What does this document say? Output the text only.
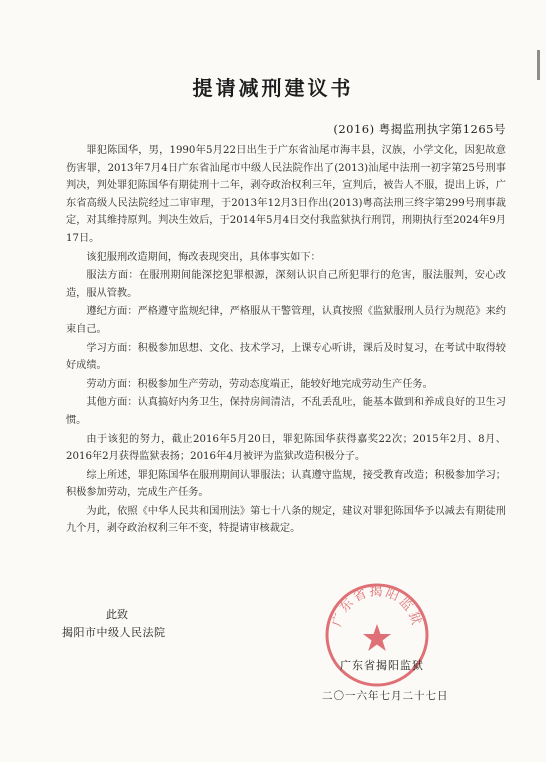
提请减刑建议书
(2016) 粤揭监刑执字第1265号

罪犯陈国华，男，1990年5月22日出生于广东省汕尾市海丰县，汉族，小学文化，因犯故意伤害罪，2013年7月4日广东省汕尾市中级人民法院作出了(2013)汕尾中法刑一初字第25号刑事判决，判处罪犯陈国华有期徒刑十二年，剥夺政治权利三年，宣判后，被告人不服，提出上诉，广东省高级人民法院经过二审审理，于2013年12月3日作出(2013)粤高法刑三终字第299号刑事裁定，对其维持原判。判决生效后，于2014年5月4日交付我监狱执行刑罚，刑期执行至2024年9月17日。

该犯服刑改造期间，悔改表现突出，具体事实如下：

服法方面：在服刑期间能深挖犯罪根源，深刻认识自己所犯罪行的危害，服法服判，安心改造，服从管教。

遵纪方面：严格遵守监规纪律，严格服从干警管理，认真按照《监狱服刑人员行为规范》来约束自己。

学习方面：积极参加思想、文化、技术学习，上课专心听讲，课后及时复习，在考试中取得较好成绩。

劳动方面：积极参加生产劳动，劳动态度端正，能较好地完成劳动生产任务。

其他方面：认真搞好内务卫生，保持房间清洁，不乱丢乱吐，能基本做到和养成良好的卫生习惯。

由于该犯的努力，截止2016年5月20日，罪犯陈国华获得嘉奖22次；2015年2月、8月、2016年2月获得监狱表扬；2016年4月被评为监狱改造积极分子。

综上所述，罪犯陈国华在服刑期间认罪服法；认真遵守监规，接受教育改造；积极参加学习；积极参加劳动，完成生产任务。

为此，依照《中华人民共和国刑法》第七十八条的规定，建议对罪犯陈国华予以减去有期徒刑九个月，剥夺政治权利三年不变，特提请审核裁定。

此致
揭阳市中级人民法院
广东省揭阳监狱
广东省揭阳监狱
二〇一六年七月二十七日
